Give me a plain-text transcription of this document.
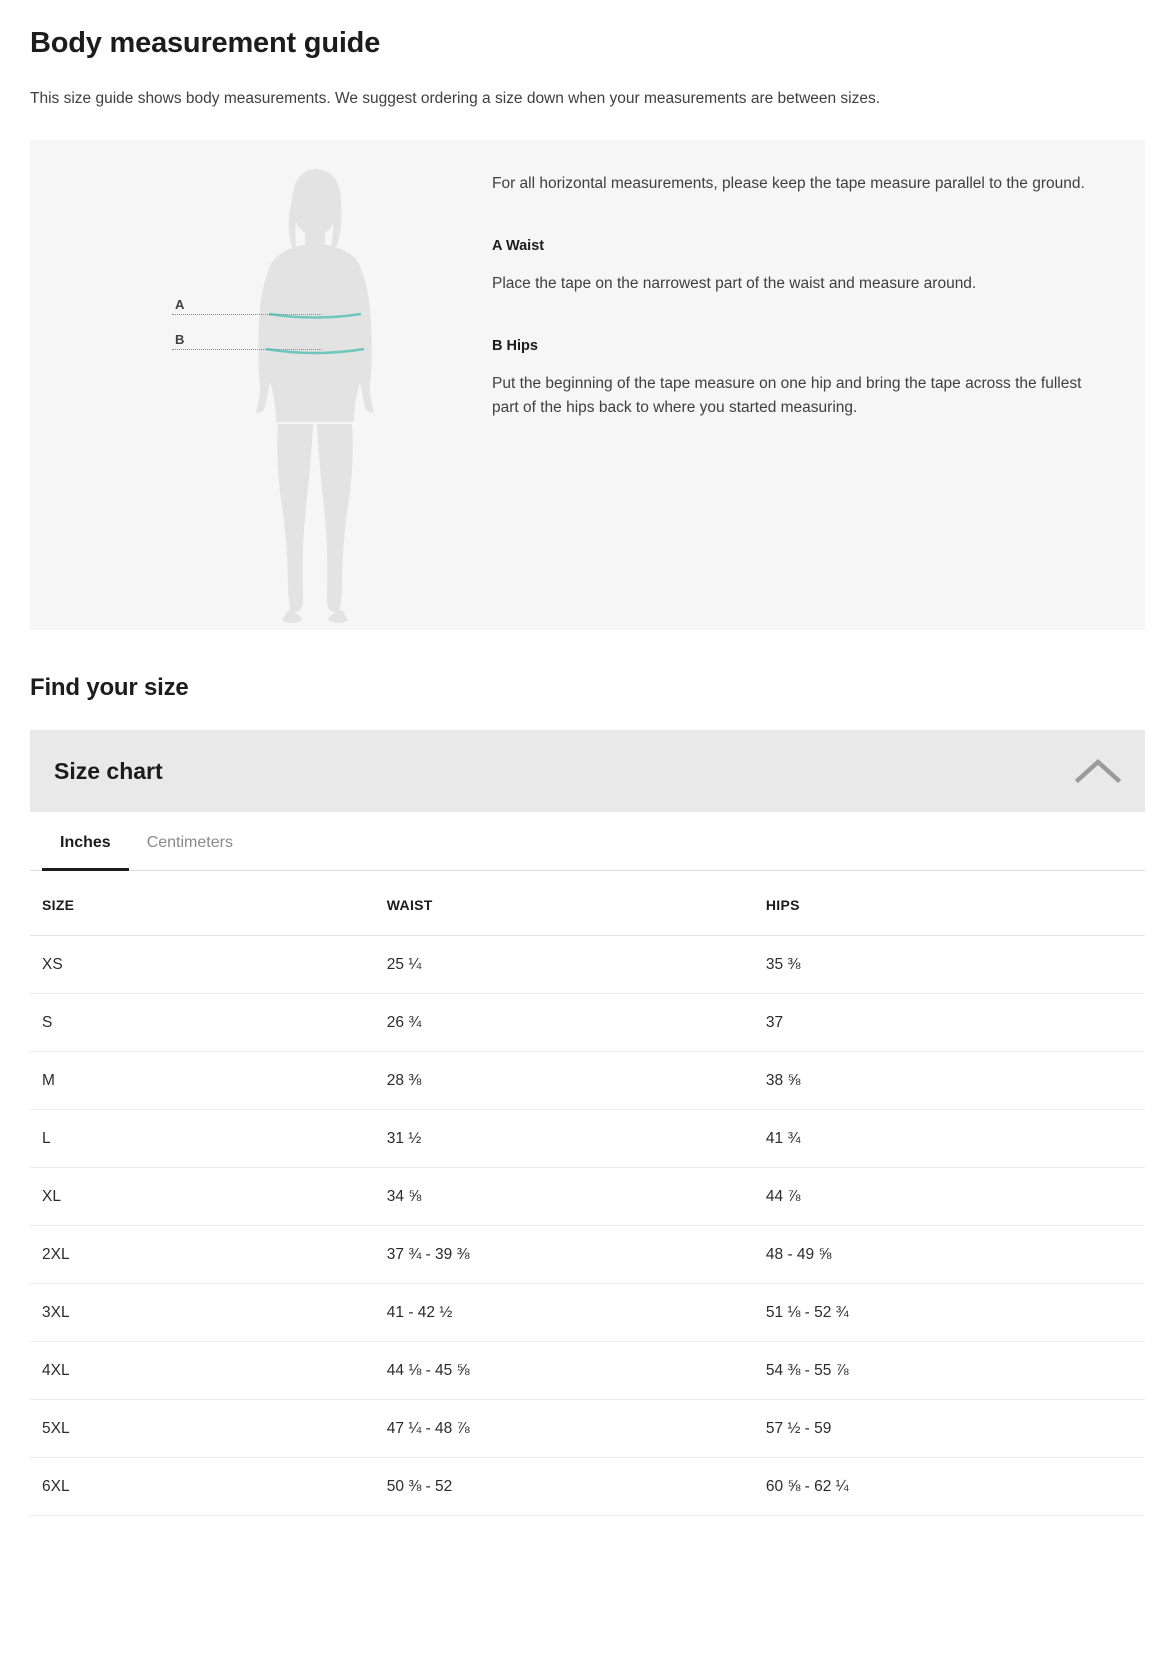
Body measurement guide

This size guide shows body measurements. We suggest ordering a size down when your measurements are between sizes.

A
B

For all horizontal measurements, please keep the tape measure parallel to the ground.

A Waist

Place the tape on the narrowest part of the waist and measure around.

B Hips

Put the beginning of the tape measure on one hip and bring the tape across the fullest part of the hips back to where you started measuring.

Find your size
Size chart
Inches	Centimeters
SIZE	WAIST	HIPS
XS	25 ¼	35 ⅜
S	26 ¾	37
M	28 ⅜	38 ⅝
L	31 ½	41 ¾
XL	34 ⅝	44 ⅞
2XL	37 ¾ - 39 ⅜	48 - 49 ⅝
3XL	41 - 42 ½	51 ⅛ - 52 ¾
4XL	44 ⅛ - 45 ⅝	54 ⅜ - 55 ⅞
5XL	47 ¼ - 48 ⅞	57 ½ - 59
6XL	50 ⅜ - 52	60 ⅝ - 62 ¼
